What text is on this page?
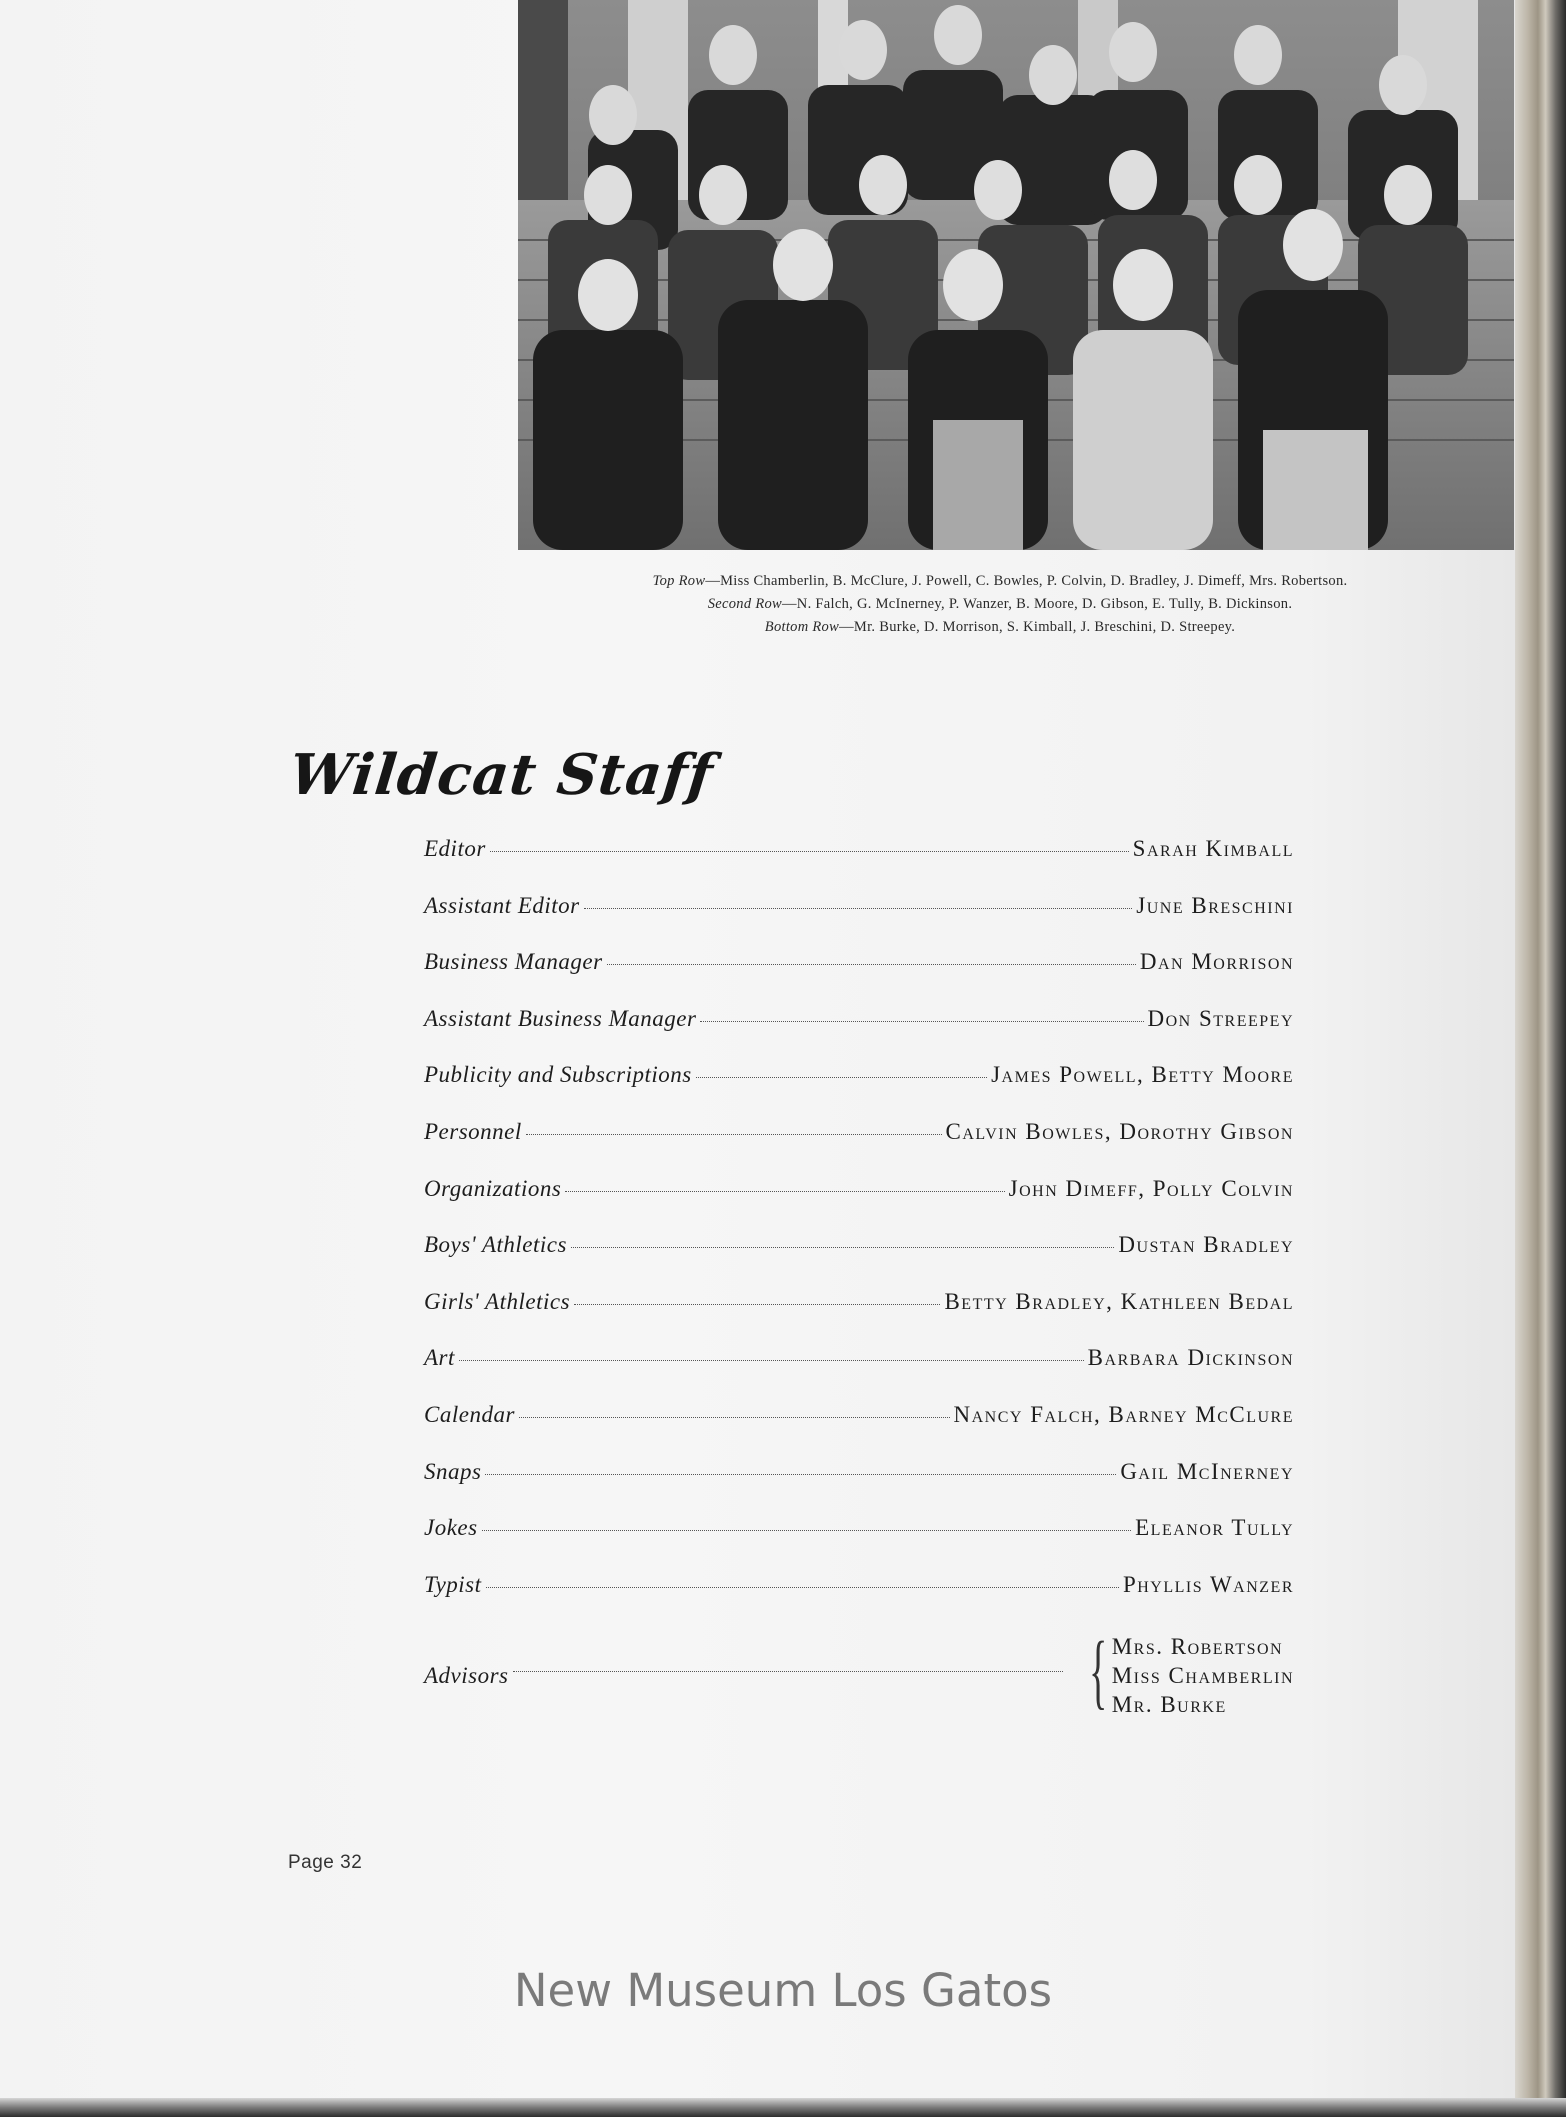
Top Row—Miss Chamberlin, B. McClure, J. Powell, C. Bowles, P. Colvin, D. Bradley, J. Dimeff, Mrs. Robertson.
Second Row—N. Falch, G. McInerney, P. Wanzer, B. Moore, D. Gibson, E. Tully, B. Dickinson.
Bottom Row—Mr. Burke, D. Morrison, S. Kimball, J. Breschini, D. Streepey.
Wildcat Staff
Editor	Sarah Kimball
Assistant Editor	June Breschini
Business Manager	Dan Morrison
Assistant Business Manager	Don Streepey
Publicity and Subscriptions	James Powell, Betty Moore
Personnel	Calvin Bowles, Dorothy Gibson
Organizations	John Dimeff, Polly Colvin
Boys' Athletics	Dustan Bradley
Girls' Athletics	Betty Bradley, Kathleen Bedal
Art	Barbara Dickinson
Calendar	Nancy Falch, Barney McClure
Snaps	Gail McInerney
Jokes	Eleanor Tully
Typist	Phyllis Wanzer
Advisors	{ Mrs. Robertson
Miss Chamberlin
Mr. Burke
Page 32
New Museum Los Gatos
